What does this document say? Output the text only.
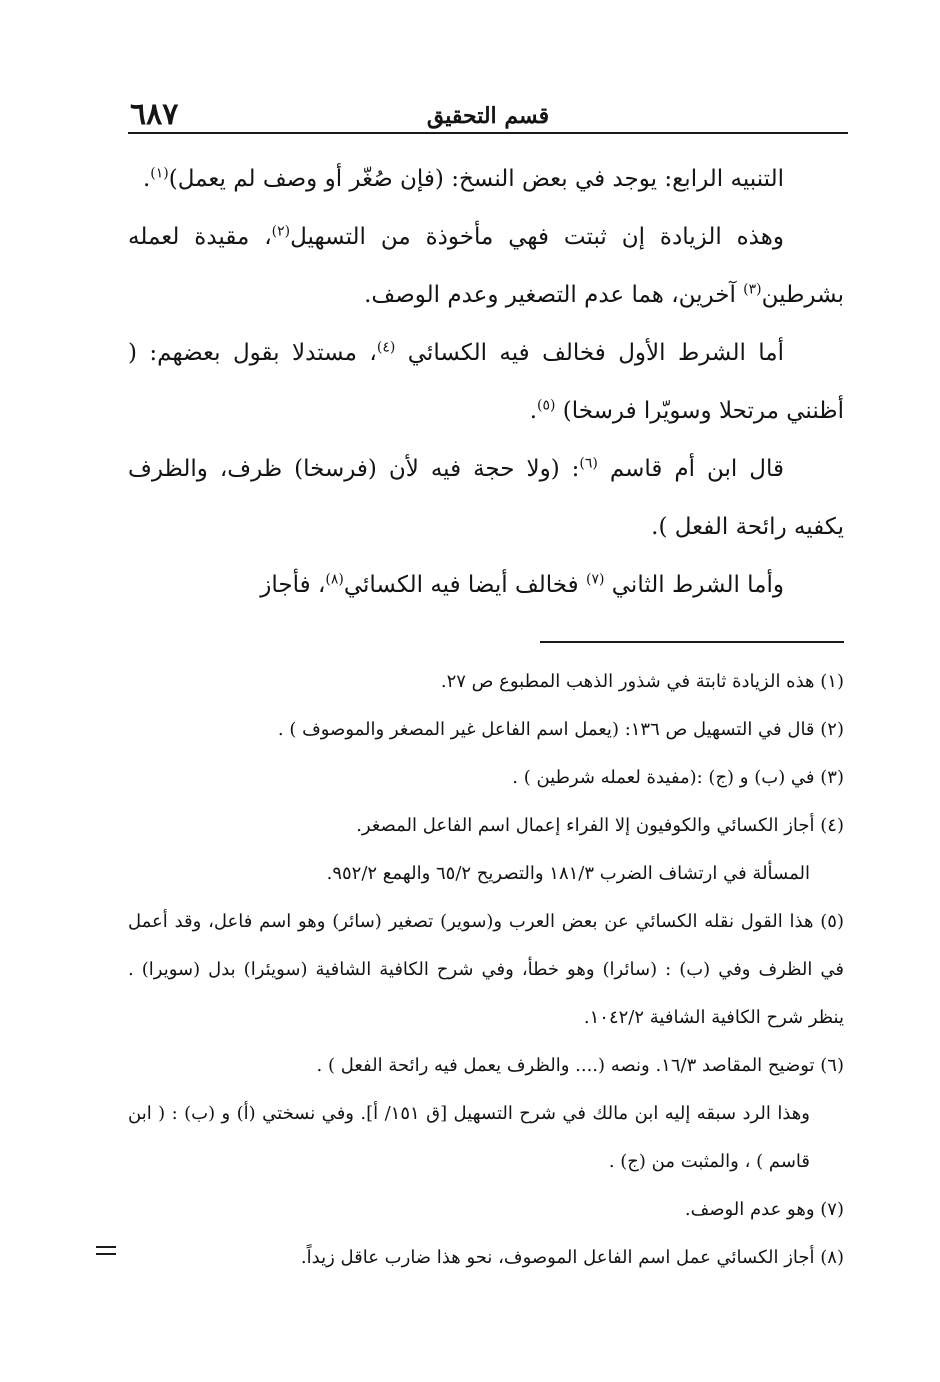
٦٨٧	قسم التحقيق

التنبيه الرابع: يوجد في بعض النسخ: (فإن صُغّر أو وصف لم يعمل)$^{(١)}$.

وهذه الزيادة إن ثبتت فهي مأخوذة من التسهيل$^{(٢)}$، مقيدة لعمله بشرطين$^{(٣)}$ آخرين، هما عدم التصغير وعدم الوصف.

أما الشرط الأول فخالف فيه الكسائي $^{(٤)}$، مستدلا بقول بعضهم: ( أظنني مرتحلا وسويّرا فرسخا) $^{(٥)}$.

قال ابن أم قاسم $^{(٦)}$: (ولا حجة فيه لأن (فرسخا) ظرف، والظرف يكفيه رائحة الفعل ).

وأما الشرط الثاني $^{(٧)}$ فخالف أيضا فيه الكسائي$^{(٨)}$، فأجاز

(١) هذه الزيادة ثابتة في شذور الذهب المطبوع ص ٢٧.

(٢) قال في التسهيل ص ١٣٦: (يعمل اسم الفاعل غير المصغر والموصوف ) .

(٣) في (ب) و (ج) :(مفيدة لعمله شرطين ) .

(٤) أجاز الكسائي والكوفيون إلا الفراء إعمال اسم الفاعل المصغر.

المسألة في ارتشاف الضرب ١٨١/٣ والتصريح ٦٥/٢ والهمع ٩٥٢/٢.

(٥) هذا القول نقله الكسائي عن بعض العرب و(سوير) تصغير (سائر) وهو اسم فاعل، وقد أعمل في الظرف وفي (ب) : (سائرا) وهو خطأ، وفي شرح الكافية الشافية (سويئرا) بدل (سويرا) . ينظر شرح الكافية الشافية ١٠٤٢/٢.

(٦) توضيح المقاصد ١٦/٣. ونصه (.... والظرف يعمل فيه رائحة الفعل ) .

وهذا الرد سبقه إليه ابن مالك في شرح التسهيل [ق ١٥١/ أ]. وفي نسختي (أ) و (ب) : ( ابن قاسم ) ، والمثبت من (ج) .

(٧) وهو عدم الوصف.

(٨) أجاز الكسائي عمل اسم الفاعل الموصوف، نحو هذا ضارب عاقل زيداً.
